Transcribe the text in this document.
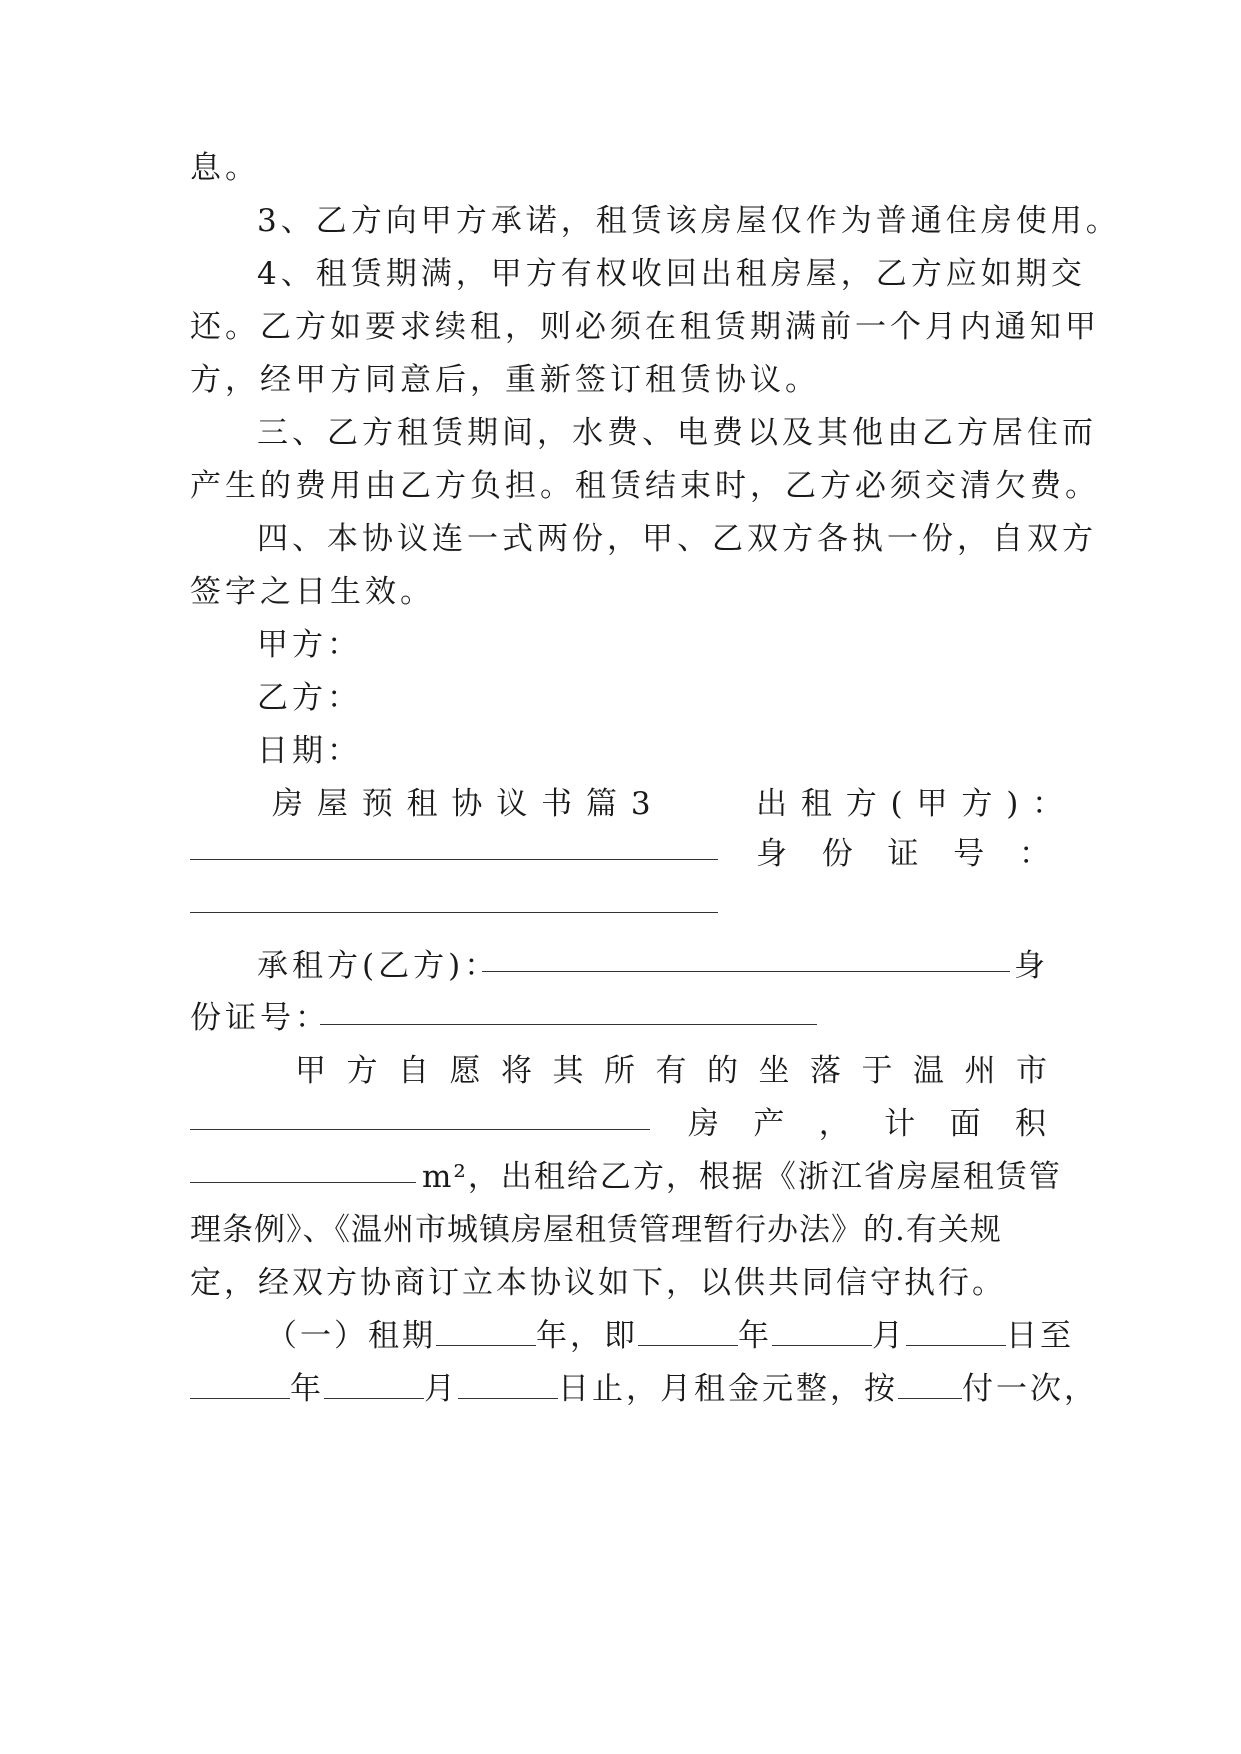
息。
3、乙方向甲方承诺，租赁该房屋仅作为普通住房使用。
4、租赁期满，甲方有权收回出租房屋，乙方应如期交
还。乙方如要求续租，则必须在租赁期满前一个月内通知甲
方，经甲方同意后，重新签订租赁协议。
三、乙方租赁期间，水费、电费以及其他由乙方居住而
产生的费用由乙方负担。租赁结束时，乙方必须交清欠费。
四、本协议连一式两份，甲、乙双方各执一份，自双方
签字之日生效。
甲方：
乙方：
日期：
房 屋 预 租 协 议 书 篇 3	出 租 方 ( 甲 方 ) ：
身 份 证 号 ：
承租方(乙方)：	身
份证号：
甲 方 自 愿 将 其 所 有 的 坐 落 于 温 州 市
房 产 ， 计 面 积
m²，出租给乙方，根据《浙江省房屋租赁管
理条例》、《温州市城镇房屋租赁管理暂行办法》的.有关规
定，经双方协商订立本协议如下，以供共同信守执行。
（一）租期	年，即	年	月	日至
年	月	日止，月租金元整，按 付一次，
